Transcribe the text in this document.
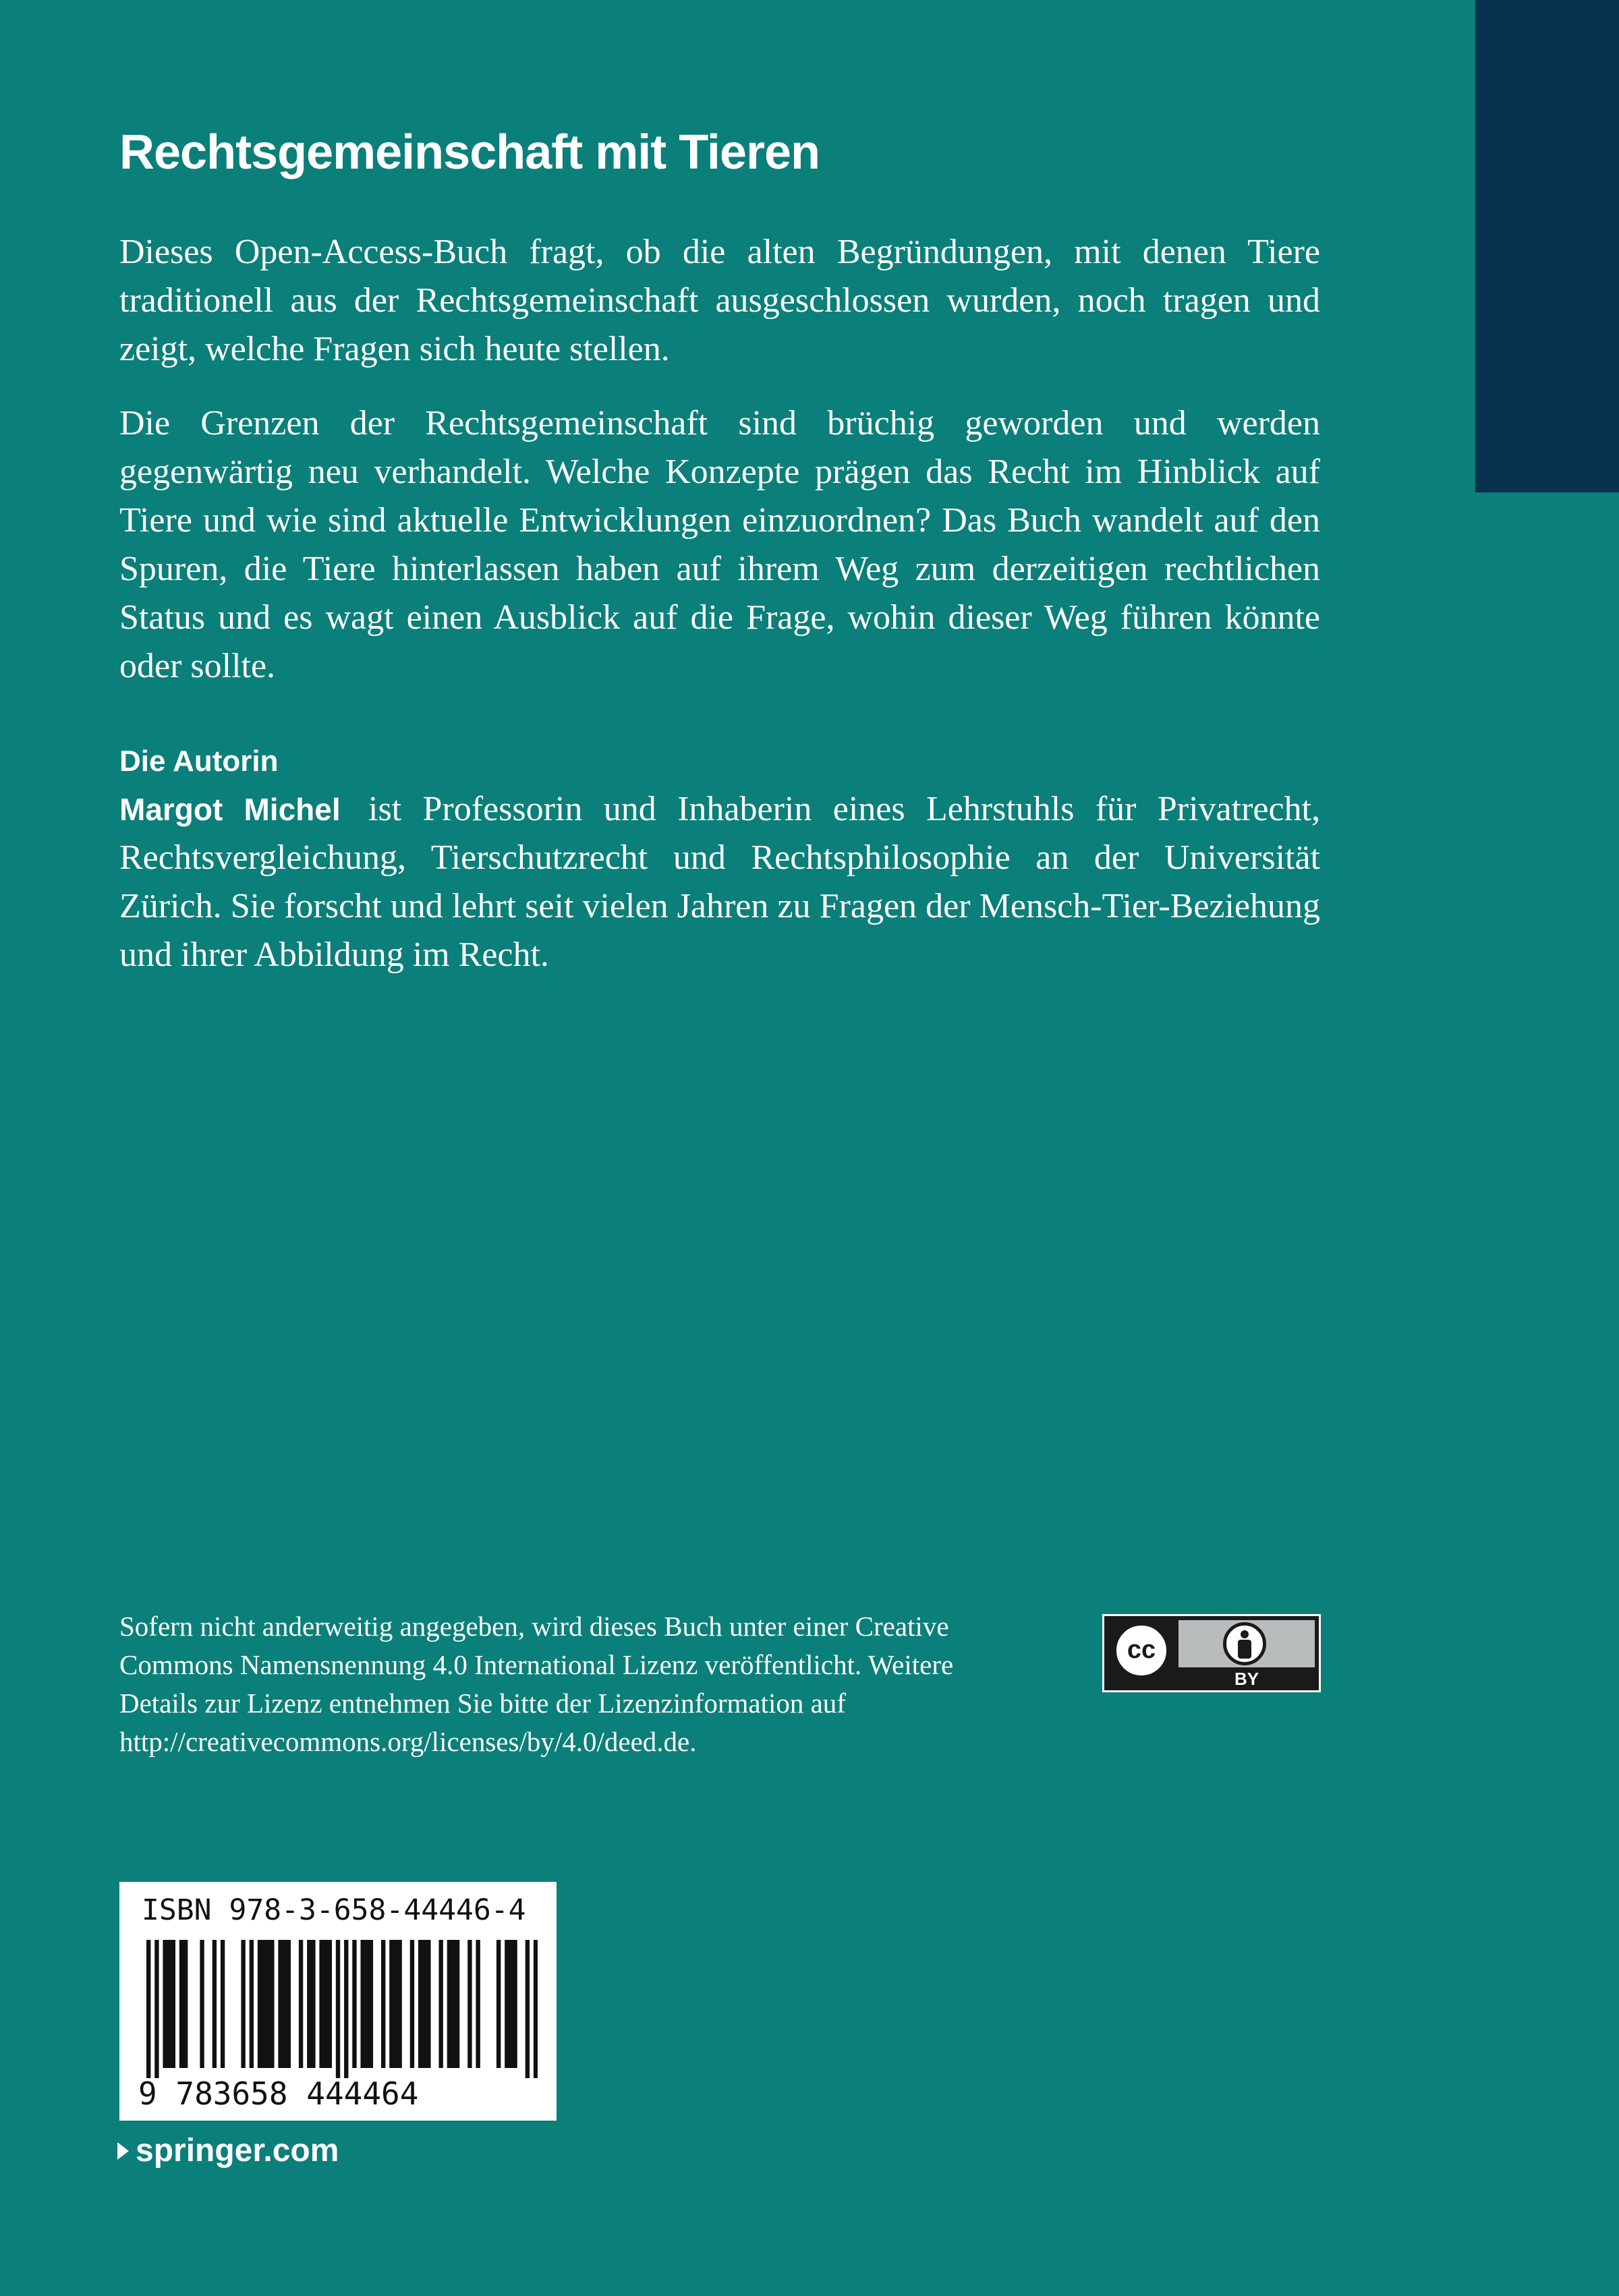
Rechtsgemeinschaft mit Tieren

Dieses Open-Access-Buch fragt, ob die alten Begründungen, mit denen Tiere traditionell aus der Rechtsgemeinschaft ausgeschlossen wurden, noch tragen und zeigt, welche Fragen sich heute stellen.

Die Grenzen der Rechtsgemeinschaft sind brüchig geworden und werden gegenwärtig neu verhandelt. Welche Konzepte prägen das Recht im Hinblick auf Tiere und wie sind aktuelle Entwicklungen einzuordnen? Das Buch wandelt auf den Spuren, die Tiere hinterlassen haben auf ihrem Weg zum derzeitigen rechtlichen Status und es wagt einen Ausblick auf die Frage, wohin dieser Weg führen könnte oder sollte.

Die Autorin

Margot Michel ist Professorin und Inhaberin eines Lehrstuhls für Privatrecht, Rechtsvergleichung, Tierschutzrecht und Rechtsphilosophie an der Universität Zürich. Sie forscht und lehrt seit vielen Jahren zu Fragen der Mensch-Tier-Beziehung und ihrer Abbildung im Recht.

Sofern nicht anderweitig angegeben, wird dieses Buch unter einer Creative Commons Namensnennung 4.0 International Lizenz veröffentlicht. Weitere Details zur Lizenz entnehmen Sie bitte der Lizenzinformation auf http://creativecommons.org/licenses/by/4.0/deed.de.

cc
BY

ISBN 978-3-658-44446-4

9 783658 444464

springer.com
